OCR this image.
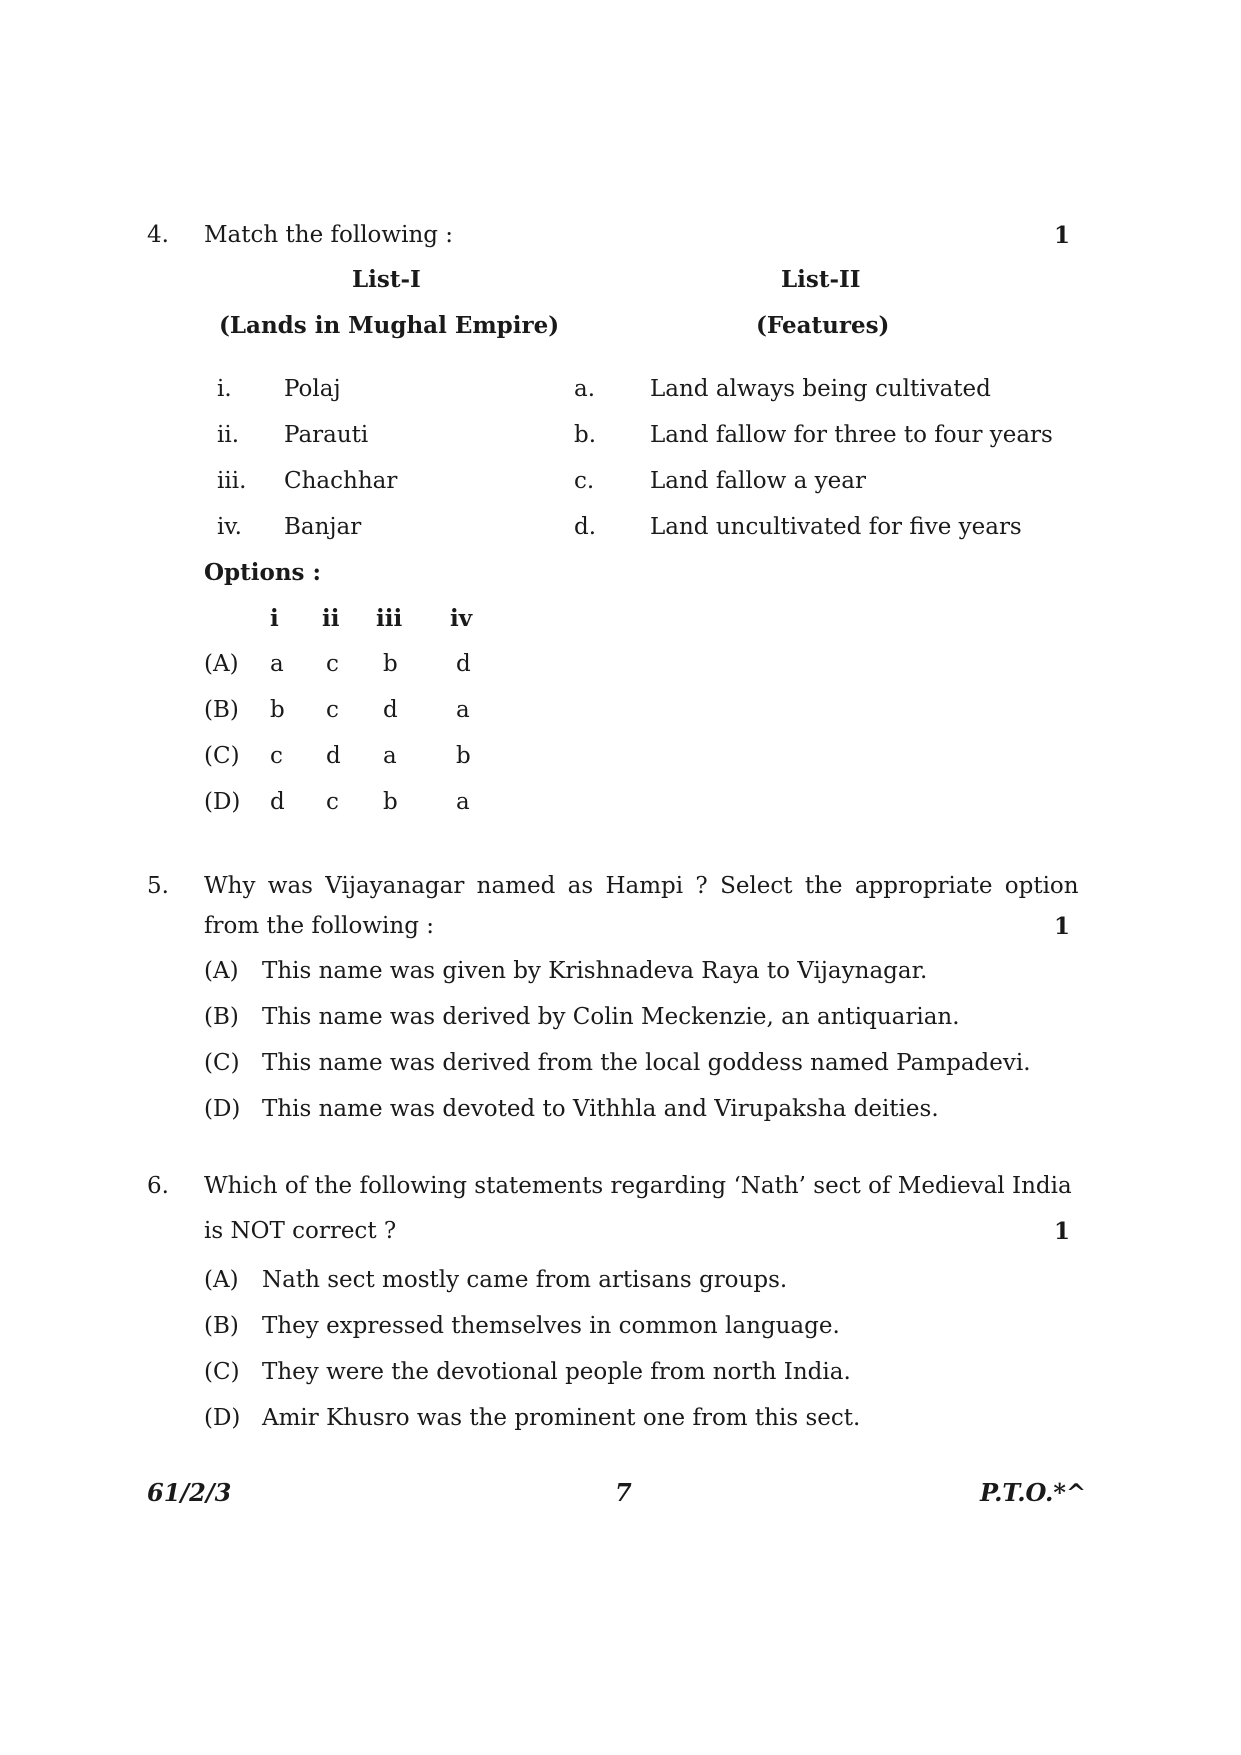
4. Match the following :	1
List-I
(Lands in Mughal Empire)
List-II
(Features)
i. Polaj	a. Land always being cultivated
ii. Parauti	b. Land fallow for three to four years
iii. Chachhar	c. Land fallow a year
iv. Banjar	d. Land uncultivated for five years
Options :
i ii iii iv
(A) a c b	d
(B) b c d	a
(C) c d a	b
(D) d c b	a
5. Why was Vijayanagar named as Hampi ? Select the appropriate option
from the following :	1
(A) This name was given by Krishnadeva Raya to Vijaynagar.
(B) This name was derived by Colin Meckenzie, an antiquarian.
(C) This name was derived from the local goddess named Pampadevi.
(D) This name was devoted to Vithhla and Virupaksha deities.
6. Which of the following statements regarding ‘Nath’ sect of Medieval India
is NOT correct ?	1
(A) Nath sect mostly came from artisans groups.
(B) They expressed themselves in common language.
(C) They were the devotional people from north India.
(D) Amir Khusro was the prominent one from this sect.
61/2/3	7	P.T.O.*^
